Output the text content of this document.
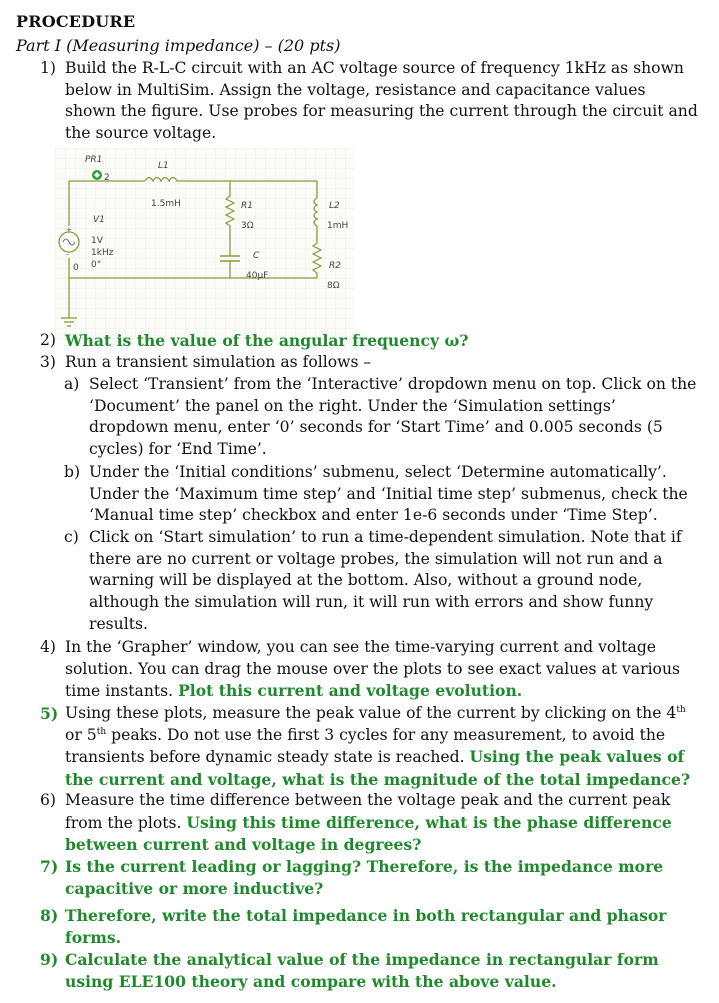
PROCEDURE
Part I (Measuring impedance) – (20 pts)
1) Build the R-L-C circuit with an AC voltage source of frequency 1kHz as shown below in MultiSim. Assign the voltage, resistance and capacitance values shown the figure. Use probes for measuring the current through the circuit and the source voltage.
PR1
2
L1
1.5mH	R1
3Ω
C
40µF
L2
1mH
R2
8Ω
+
-
V1
1V
1kHz
0°
0
2) What is the value of the angular frequency ω?
3) Run a transient simulation as follows –
a) Select ‘Transient’ from the ‘Interactive’ dropdown menu on top. Click on the ‘Document’ the panel on the right. Under the ‘Simulation settings’ dropdown menu, enter ‘0’ seconds for ‘Start Time’ and 0.005 seconds (5 cycles) for ‘End Time’.
b) Under the ‘Initial conditions’ submenu, select ‘Determine automatically’. Under the ‘Maximum time step’ and ‘Initial time step’ submenus, check the ‘Manual time step’ checkbox and enter 1e-6 seconds under ‘Time Step’.
c) Click on ‘Start simulation’ to run a time-dependent simulation. Note that if there are no current or voltage probes, the simulation will not run and a warning will be displayed at the bottom. Also, without a ground node, although the simulation will run, it will run with errors and show funny results.
4) In the ‘Grapher’ window, you can see the time-varying current and voltage solution. You can drag the mouse over the plots to see exact values at various time instants. Plot this current and voltage evolution.
5) Using these plots, measure the peak value of the current by clicking on the 4th or 5th peaks. Do not use the first 3 cycles for any measurement, to avoid the transients before dynamic steady state is reached. Using the peak values of the current and voltage, what is the magnitude of the total impedance?
6) Measure the time difference between the voltage peak and the current peak from the plots. Using this time difference, what is the phase difference between current and voltage in degrees?
7) Is the current leading or lagging? Therefore, is the impedance more capacitive or more inductive?
8) Therefore, write the total impedance in both rectangular and phasor forms.
9) Calculate the analytical value of the impedance in rectangular form using ELE100 theory and compare with the above value.
